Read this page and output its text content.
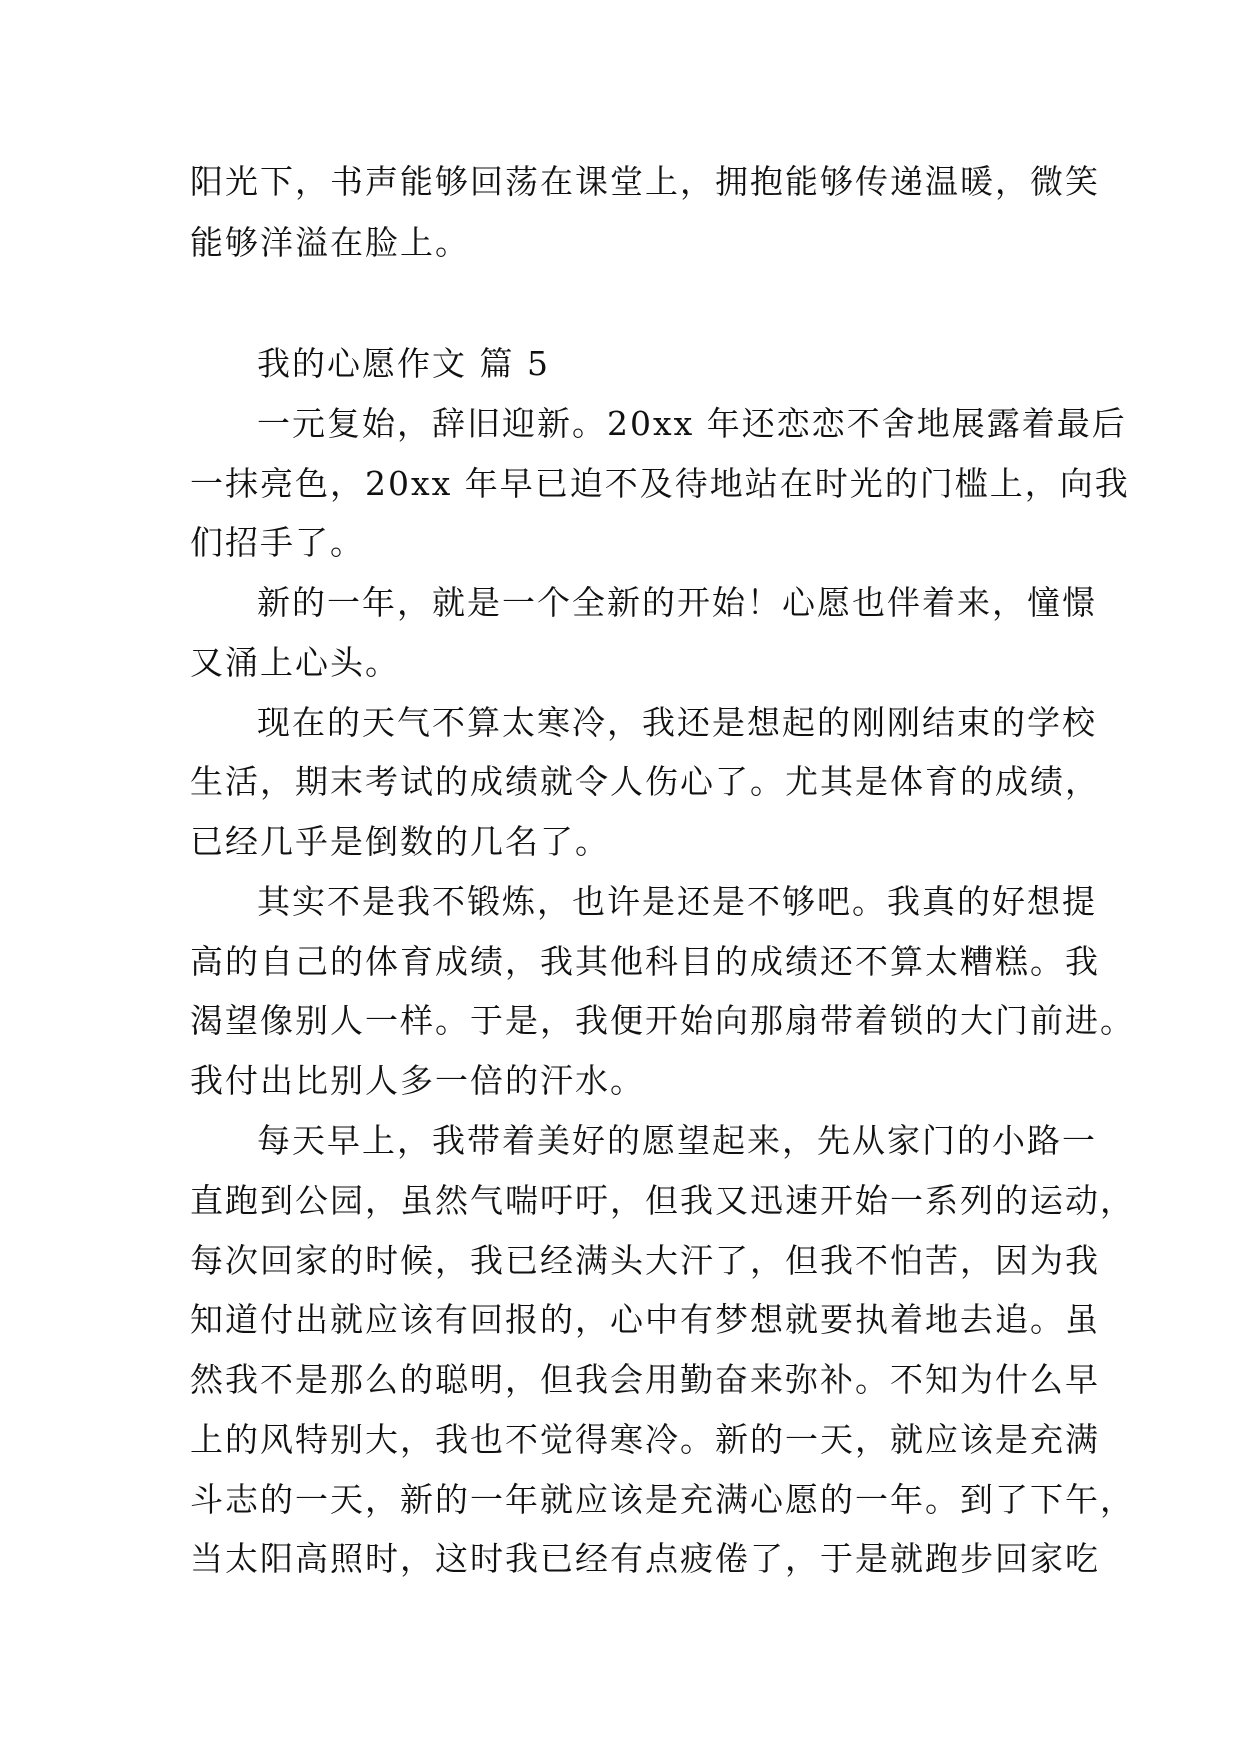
阳光下，书声能够回荡在课堂上，拥抱能够传递温暖，微笑
能够洋溢在脸上。
我的心愿作文 篇 5
一元复始，辞旧迎新。20xx 年还恋恋不舍地展露着最后
一抹亮色，20xx 年早已迫不及待地站在时光的门槛上，向我
们招手了。
新的一年，就是一个全新的开始！心愿也伴着来，憧憬
又涌上心头。
现在的天气不算太寒冷，我还是想起的刚刚结束的学校
生活，期末考试的成绩就令人伤心了。尤其是体育的成绩，
已经几乎是倒数的几名了。
其实不是我不锻炼，也许是还是不够吧。我真的好想提
高的自己的体育成绩，我其他科目的成绩还不算太糟糕。我
渴望像别人一样。于是，我便开始向那扇带着锁的大门前进。
我付出比别人多一倍的汗水。
每天早上，我带着美好的愿望起来，先从家门的小路一
直跑到公园，虽然气喘吁吁，但我又迅速开始一系列的运动，
每次回家的时候，我已经满头大汗了，但我不怕苦，因为我
知道付出就应该有回报的，心中有梦想就要执着地去追。虽
然我不是那么的聪明，但我会用勤奋来弥补。不知为什么早
上的风特别大，我也不觉得寒冷。新的一天，就应该是充满
斗志的一天，新的一年就应该是充满心愿的一年。到了下午，
当太阳高照时，这时我已经有点疲倦了，于是就跑步回家吃
